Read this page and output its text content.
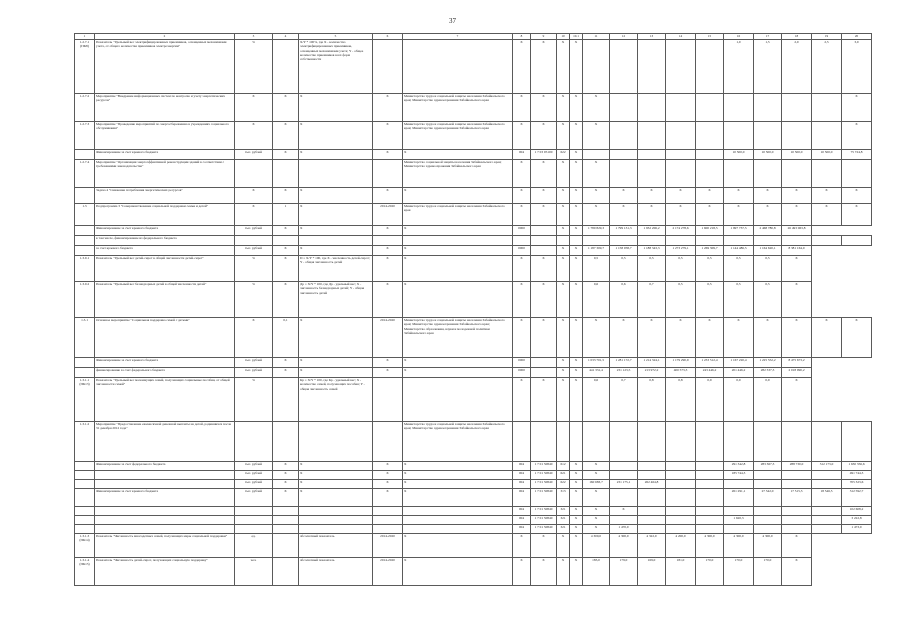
37
1	2	3	4	5	6	7	8	9	10	10.1	11	12	13	14	15	16	17	18	19	20
1.2.7.1 (ПК8)	Показатель "Удельный вес электрифицированных приемников, оснащенных механизмами учета, от общего количества приемников электроэнергии"	%		X/Y * 100%, где X - количество электрифицированных приемников, оснащенных механизмами учета; Y - общее количество приемников всех форм собственности			X	X	X	X						1,0	1,5	2,0	2,5	3,0
1.2.7.2	Мероприятие "Внедрение информационных систем по контролю и учету энергетических ресурсов"	X	X	X	X	Министерство труда и социальной защиты населения Забайкальского края; Министерство здравоохранения Забайкальского края	X	X	X	X	X									X
1.2.7.3	Мероприятие "Проведение мероприятий по энергосбережению в учреждениях социального обслуживания"	X	X	X	X	Министерство труда и социальной защиты населения Забайкальского края; Министерство здравоохранения Забайкальского края	X	X	X	X	X									X
	Финансирование за счет краевого бюджета	тыс. рублей	X	X	X	X	004	1 7 03 05100	622	X						10 500,0	10 500,0	10 500,0	10 500,0	75 724,8
1.2.7.4	Мероприятие "Организация энергоэффективной реконструкции зданий в соответствии с требованиями законодательства"					Министерство социальной защиты населения Забайкальского края; Министерство здравоохранения Забайкальского края	X	X	X	X	X									
	Задача 4 "Снижение потребления энергетических ресурсов"	X	X	X	X	X	X	X	X	X	X	X	X	X	X	X	X	X	X	X
1.3	Подпрограмма 3 "Совершенствование социальной поддержки семьи и детей"	X	1	X	2014-2020	Министерство труда и социальной защиты населения Забайкальского края	X	X	X	X	X	X	X	X	X	X	X	X	X	X
	Финансирование за счет краевого бюджета	тыс. рублей	X	X	X	X	0000		X	X	1 780 829,3	1 799 131,3	1 932 206,2	2 174 278,6	1 600 218,5	1 997 737,5	2 468 780,8	26 493 063,8		
	в том числе, финансирование из федерального бюджета																			
	за счет краевого бюджета	тыс. рублей	X	X	X	X	0000		X	X	1 187 309,7	1 158 058,7	1 188 343,3	1 273 279,1	1 269 309,7	1 144 486,5	1 164 620,1	8 381 164,0		
1.3.0.1	Показатель "Удельный вес детей-сирот в общей численности детей-сирот"	%	X	D = X/Y * 100, где X - численность детей-сирот; Y - общая численность детей	X	X	X	X	X	X	0,5	0,5	0,5	0,5	0,5	0,5	0,5	X		
1.3.0.2	Показатель "Удельный вес безнадзорных детей в общей численности детей"	%	X	Др = Х/Y * 100, где Др - удельный вес; X - численность безнадзорных детей; Y - общая численность детей	X	X	X	X	X	X	0,6	0,6	0,7	0,5	0,5	0,5	0,5	X		
1.3.1	Основное мероприятие "Социальная поддержка семей с детьми"	X	0,1	X	2014-2020	Министерство труда и социальной защиты населения Забайкальского края; Министерство здравоохранения Забайкальского края; Министерство образования, науки и молодежной политики Забайкальского края	X	X	X	X	X	X	X	X	X	X	X	X	X	X
	Финансирование за счет краевого бюджета	тыс. рублей	X	X	X	X	0000		X	X	1 033 701,5	1 281 172,7	1 214 324,1	1 179 290,9	1 233 512,4	1 167 220,4	1 225 552,2	8 475 673,2		
	финансирование за счет федерального бюджета	тыс. рублей	X	X	X	X	0000		X	X	441 331,4	231 123,5	213 972,2	400 573,3	243 446,2	201 446,2	282 337,3	2 018 990,2		
1.3.1.1 (ПК13)	Показатель "Удельный вес малоимущих семей, получающих социальные пособия, от общей численности семей"	%		Кр = Х/Y * 100, где Кр - удельный вес; X - количество семей, получающих пособия; Y - общая численность семей			X	X	X	X	0,6	0,7	0,8	0,8	0,9	0,9	0,9	X		
1.3.1.2	Мероприятие "Предоставление ежемесячной денежной выплаты на детей, родившихся после 31 декабря 2012 года"					Министерство труда и социальной защиты населения Забайкальского края; Министерство здравоохранения Забайкальского края														
	Финансирование за счет федерального бюджета	тыс. рублей	X	X	X	X	004	1 7 01 50840	612	X	X					291 342,8	283 367,3	288 730,0	312 173,0	1 630 356,6
		тыс. рублей	X	X	X	X	004	1 7 01 50840	621	X	X					185 744,3				491 744,3
		тыс. рублей	X	X	X	X	004	1 7 01 50840	622	X	160 683,7	231 175,1	262 464,8							705 323,6
	Финансирование за счет краевого бюджета	тыс. рублей	X	X	X	X	004	1 7 01 50840	313	X	X					261 291,1	27 342,0	17 515,3	18 546,5	312 592,7
							004	1 7 01 50840	321	X	X	X								102 608,2
							004	1 7 01 50840	321	X	X					1 620,3				3 222,8
							004	1 7 01 50840	321	X	X	1 470,0								1 473,0
1.3.1.3 (ПК14)	Показатель "Численность многодетных семей, получающих меры социальной поддержки"	ед.		абсолютный показатель	2014-2020	X	X	X	X	X	4 300,0	4 300,0	4 322,0	4 200,0	4 300,0	4 300,0	4 300,0	X		
1.3.1.4 (ПК15)	Показатель "Численность детей-сирот, получающих социальную поддержку"	чел.		абсолютный показатель	2014-2020	X	X	X	X	X	183,0	179,0	169,0	181,0	170,0	170,0	170,0	X		
